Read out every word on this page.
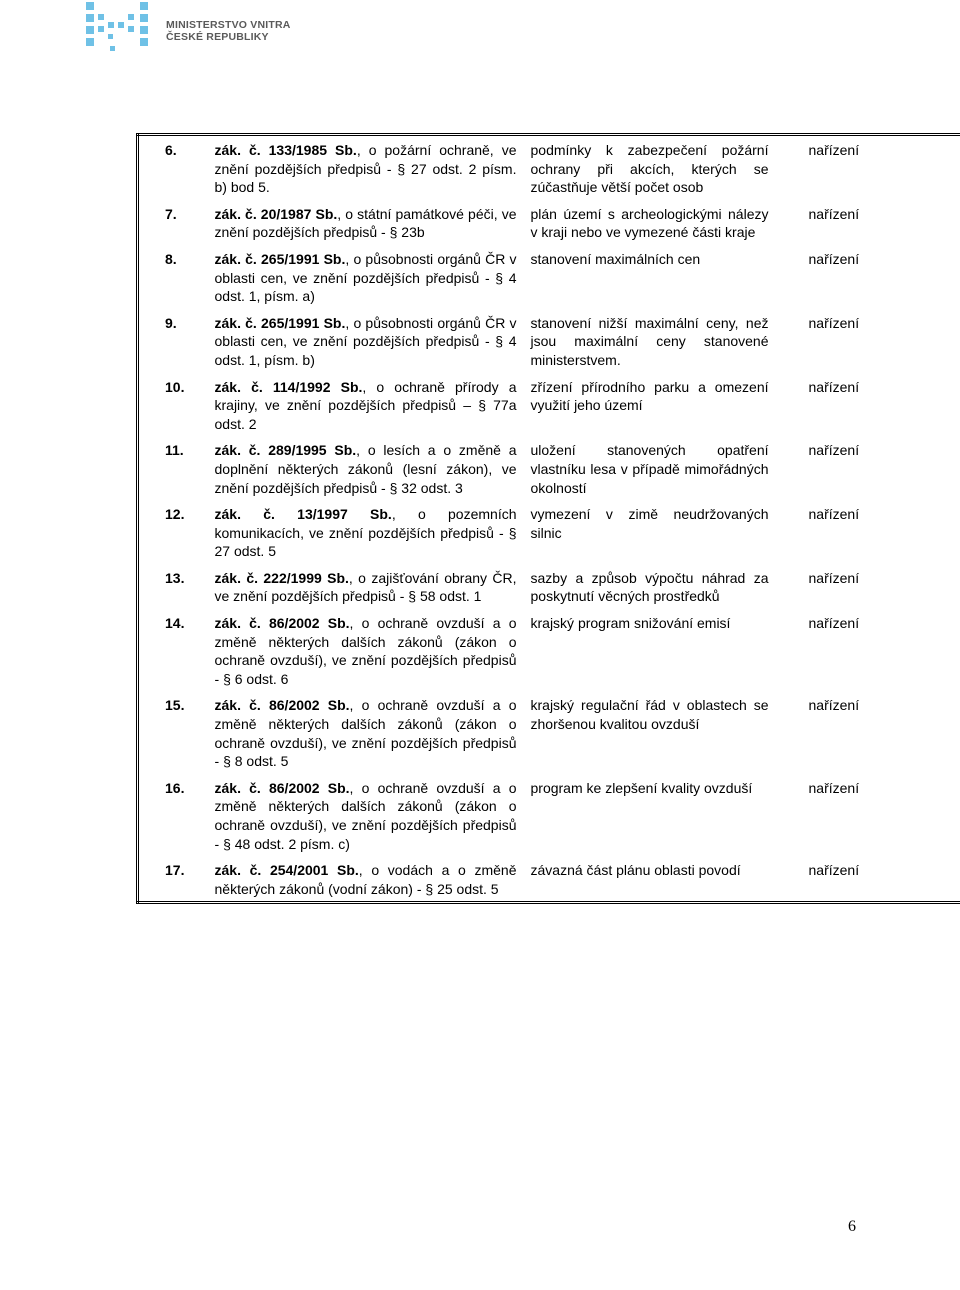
MINISTERSTVO VNITRA
ČESKÉ REPUBLIKY
6.	zák. č. 133/1985 Sb., o požární ochraně, ve znění pozdějších předpisů - § 27 odst. 2 písm. b) bod 5.	podmínky k zabezpečení požární ochrany při akcích, kterých se zúčastňuje větší počet osob	nařízení
7.	zák. č. 20/1987 Sb., o státní památkové péči, ve znění pozdějších předpisů - § 23b	plán území s archeologickými nálezy v kraji nebo ve vymezené části kraje	nařízení
8.	zák. č. 265/1991 Sb., o působnosti orgánů ČR v oblasti cen, ve znění pozdějších předpisů - § 4 odst. 1, písm. a)	stanovení maximálních cen	nařízení
9.	zák. č. 265/1991 Sb., o působnosti orgánů ČR v oblasti cen, ve znění pozdějších předpisů - § 4 odst. 1, písm. b)	stanovení nižší maximální ceny, než jsou maximální ceny stanovené ministerstvem.	nařízení
10.	zák. č. 114/1992 Sb., o ochraně přírody a krajiny, ve znění pozdějších předpisů – § 77a odst. 2	zřízení přírodního parku a omezení využití jeho území	nařízení
11.	zák. č. 289/1995 Sb., o lesích a o změně a doplnění některých zákonů (lesní zákon), ve znění pozdějších předpisů - § 32 odst. 3	uložení stanovených opatření vlastníku lesa v případě mimořádných okolností	nařízení
12.	zák. č. 13/1997 Sb., o pozemních komunikacích, ve znění pozdějších předpisů - § 27 odst. 5	vymezení v zimě neudržovaných silnic	nařízení
13.	zák. č. 222/1999 Sb., o zajišťování obrany ČR, ve znění pozdějších předpisů - § 58 odst. 1	sazby a způsob výpočtu náhrad za poskytnutí věcných prostředků	nařízení
14.	zák. č. 86/2002 Sb., o ochraně ovzduší a o změně některých dalších zákonů (zákon o ochraně ovzduší), ve znění pozdějších předpisů - § 6 odst. 6	krajský program snižování emisí	nařízení
15.	zák. č. 86/2002 Sb., o ochraně ovzduší a o změně některých dalších zákonů (zákon o ochraně ovzduší), ve znění pozdějších předpisů - § 8 odst. 5	krajský regulační řád v oblastech se zhoršenou kvalitou ovzduší	nařízení
16.	zák. č. 86/2002 Sb., o ochraně ovzduší a o změně některých dalších zákonů (zákon o ochraně ovzduší), ve znění pozdějších předpisů - § 48 odst. 2 písm. c)	program ke zlepšení kvality ovzduší	nařízení
17.	zák. č. 254/2001 Sb., o vodách a o změně některých zákonů (vodní zákon) - § 25 odst. 5	závazná část plánu oblasti povodí	nařízení
6
